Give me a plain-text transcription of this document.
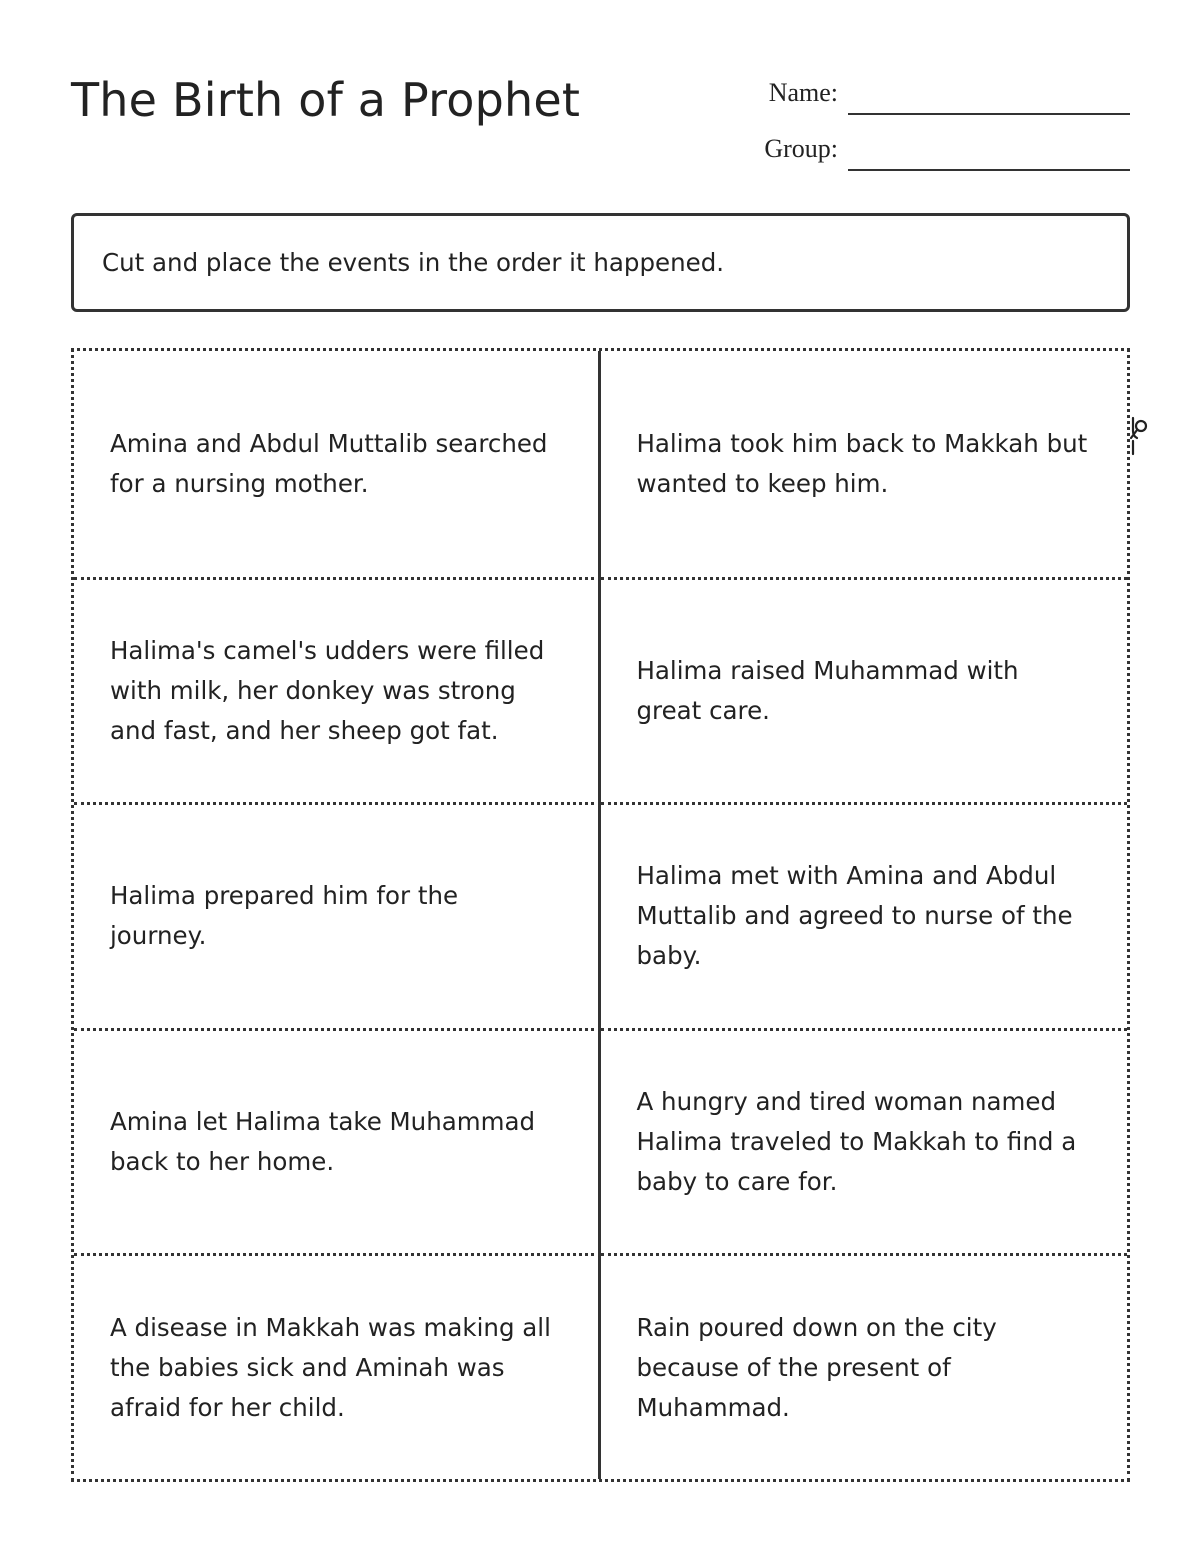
The Birth of a Prophet	Name:
Group:
Cut and place the events in the order it happened.

Amina and Abdul Muttalib searched for a nursing mother.

Halima took him back to Makkah but wanted to keep him.

Halima's camel's udders were filled with milk, her donkey was strong and fast, and her sheep got fat.

Halima raised Muhammad with great care.

Halima prepared him for the journey.

Halima met with Amina and Abdul Muttalib and agreed to nurse of the baby.

Amina let Halima take Muhammad back to her home.

A hungry and tired woman named Halima traveled to Makkah to find a baby to care for.

A disease in Makkah was making all the babies sick and Aminah was afraid for her child.

Rain poured down on the city because of the present of Muhammad.
